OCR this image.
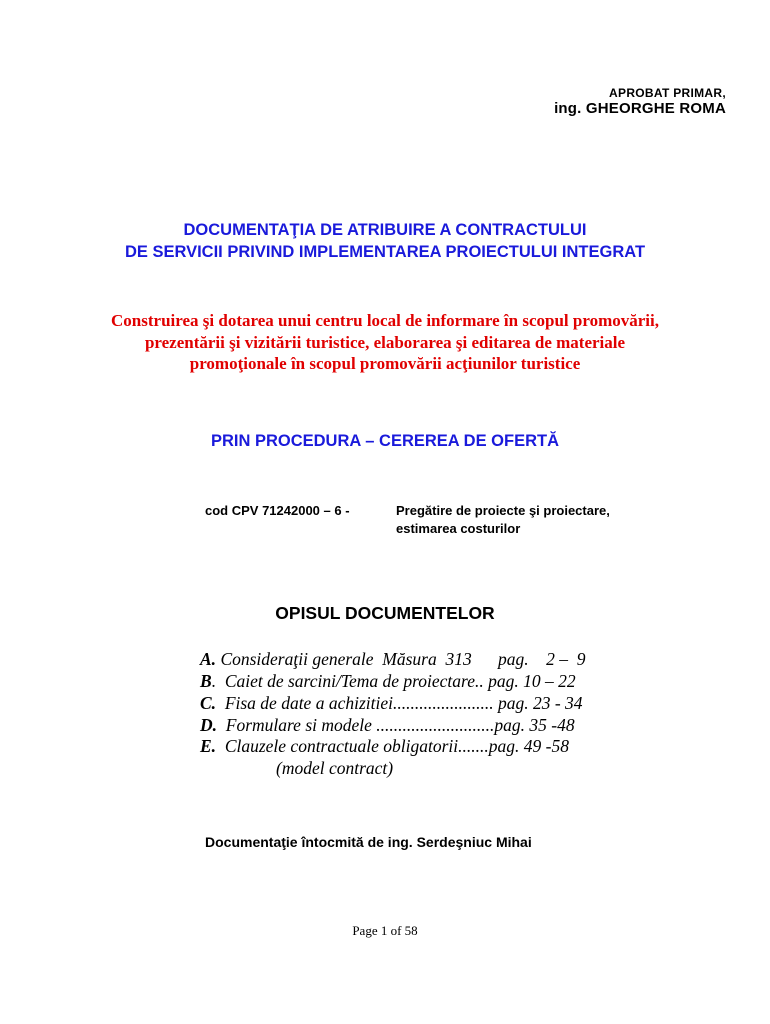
APROBAT PRIMAR,
ing. GHEORGHE ROMA
DOCUMENTAŢIA DE ATRIBUIRE A CONTRACTULUI
DE SERVICII PRIVIND IMPLEMENTAREA PROIECTULUI INTEGRAT
Construirea şi dotarea unui centru local de informare în scopul promovării,
prezentării şi vizitării turistice, elaborarea şi editarea de materiale
promoţionale în scopul promovării acţiunilor turistice
PRIN PROCEDURA – CEREREA DE OFERTĂ
cod CPV 71242000 – 6 -	Pregătire de proiecte şi proiectare,
estimarea costurilor
OPISUL DOCUMENTELOR
A. Consideraţii generale  Măsura  313      pag.    2 –  9
B.  Caiet de sarcini/Tema de proiectare.. pag. 10 – 22
C.  Fisa de date a achizitiei....................... pag. 23 - 34
D.  Formulare si modele ...........................pag. 35 -48
E.  Clauzele contractuale obligatorii.......pag. 49 -58
(model contract)
Documentaţie întocmită de ing. Serdeşniuc Mihai
Page 1 of 58
